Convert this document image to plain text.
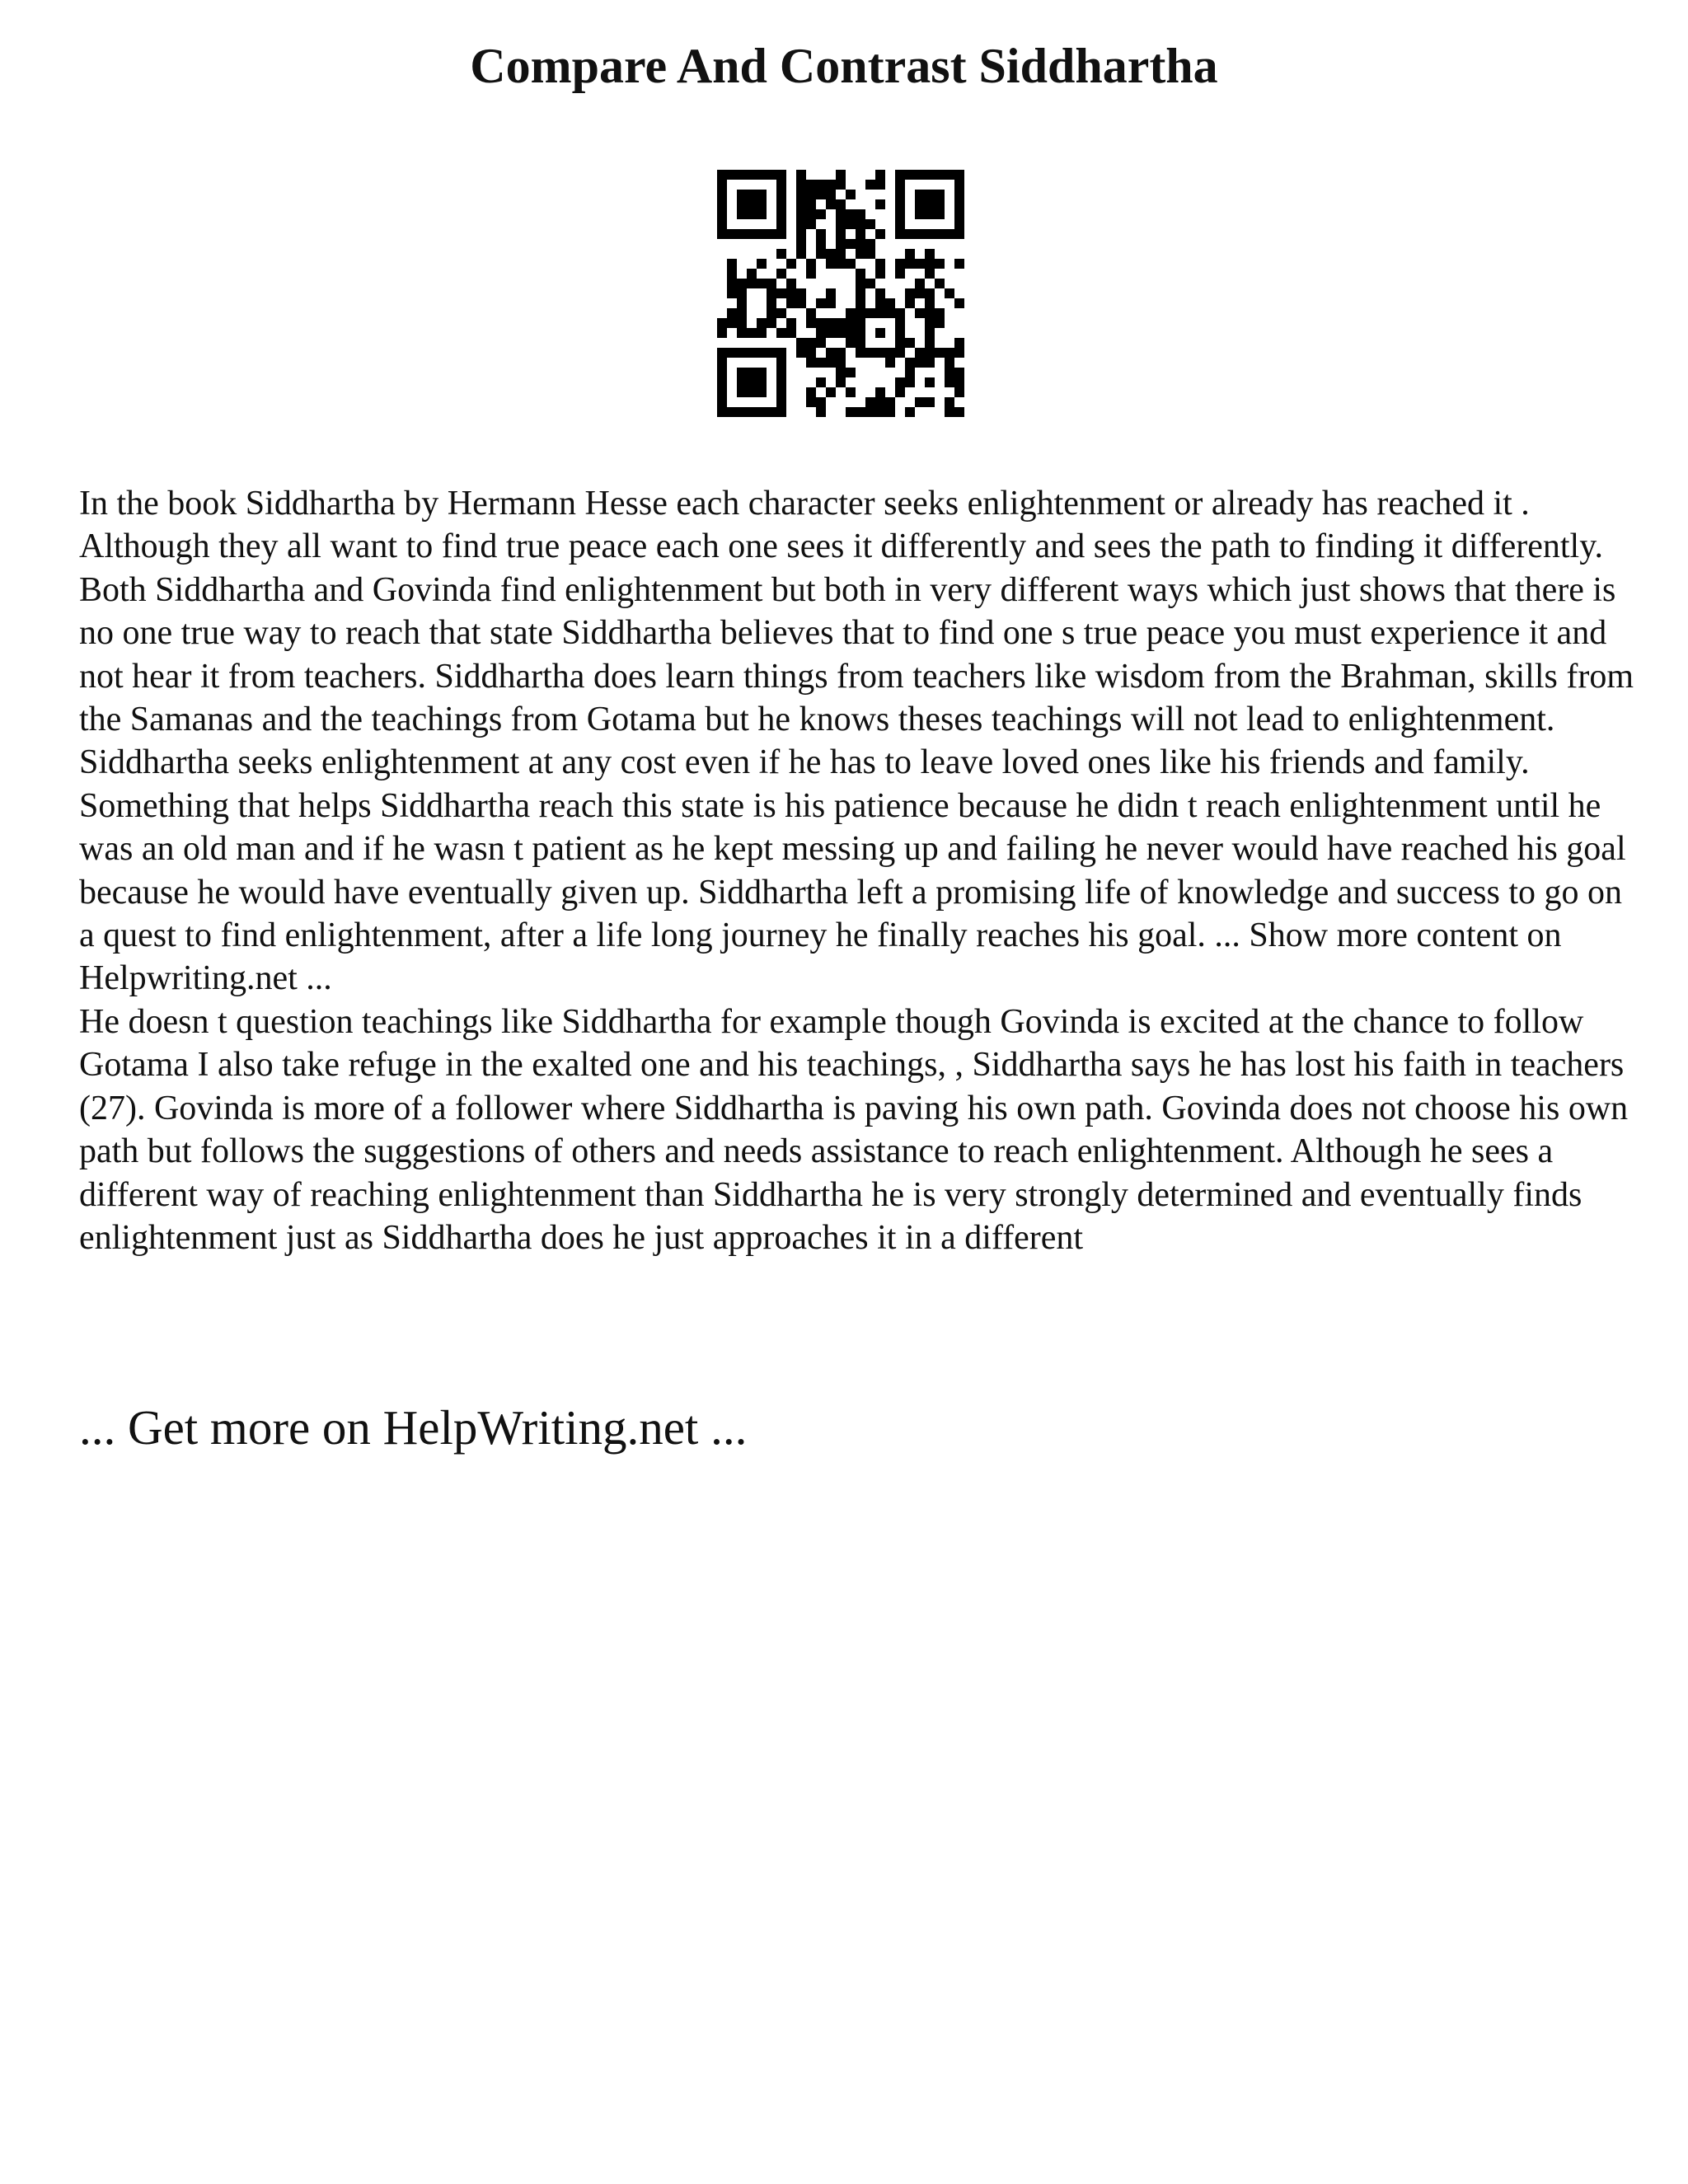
Compare And Contrast Siddhartha

In the book Siddhartha by Hermann Hesse each character seeks enlightenment or already has reached it . Although they all want to find true peace each one sees it differently and sees the path to finding it differently. Both Siddhartha and Govinda find enlightenment but both in very different ways which just shows that there is no one true way to reach that state Siddhartha believes that to find one s true peace you must experience it and not hear it from teachers. Siddhartha does learn things from teachers like wisdom from the Brahman, skills from the Samanas and the teachings from Gotama but he knows theses teachings will not lead to enlightenment. Siddhartha seeks enlightenment at any cost even if he has to leave loved ones like his friends and family. Something that helps Siddhartha reach this state is his patience because he didn t reach enlightenment until he was an old man and if he wasn t patient as he kept messing up and failing he never would have reached his goal because he would have eventually given up. Siddhartha left a promising life of knowledge and success to go on a quest to find enlightenment, after a life long journey he finally reaches his goal. ... Show more content on Helpwriting.net ...

He doesn t question teachings like Siddhartha for example though Govinda is excited at the chance to follow Gotama I also take refuge in the exalted one and his teachings, , Siddhartha says he has lost his faith in teachers (27). Govinda is more of a follower where Siddhartha is paving his own path. Govinda does not choose his own path but follows the suggestions of others and needs assistance to reach enlightenment. Although he sees a different way of reaching enlightenment than Siddhartha he is very strongly determined and eventually finds enlightenment just as Siddhartha does he just approaches it in a different

... Get more on HelpWriting.net ...
